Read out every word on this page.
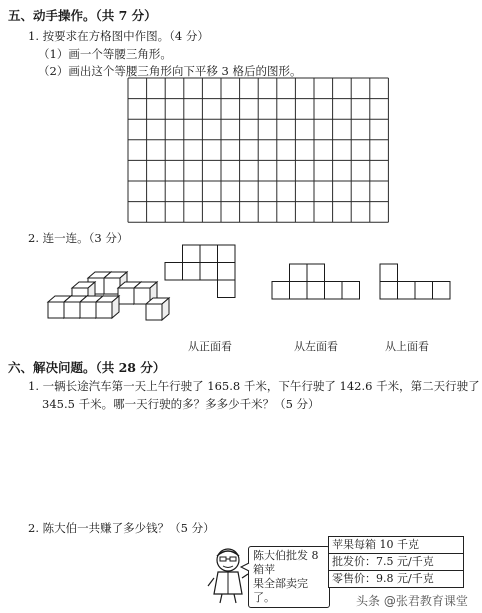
五、动手操作。（共 7 分）
1. 按要求在方格图中作图。（4 分）
（1）画一个等腰三角形。
（2）画出这个等腰三角形向下平移 3 格后的图形。
2. 连一连。（3 分）
从正面看	从左面看	从上面看
六、解决问题。（共 28 分）
1. 一辆长途汽车第一天上午行驶了 165.8 千米，下午行驶了 142.6 千米，第二天行驶了
345.5 千米。哪一天行驶的多？多多少千米？（5 分）
2. 陈大伯一共赚了多少钱？（5 分）
陈大伯批发 8 箱苹
果全部卖完了。
苹果每箱 10 千克
批发价：7.5 元/千克
零售价：9.8 元/千克
头条 @张君教育课堂
